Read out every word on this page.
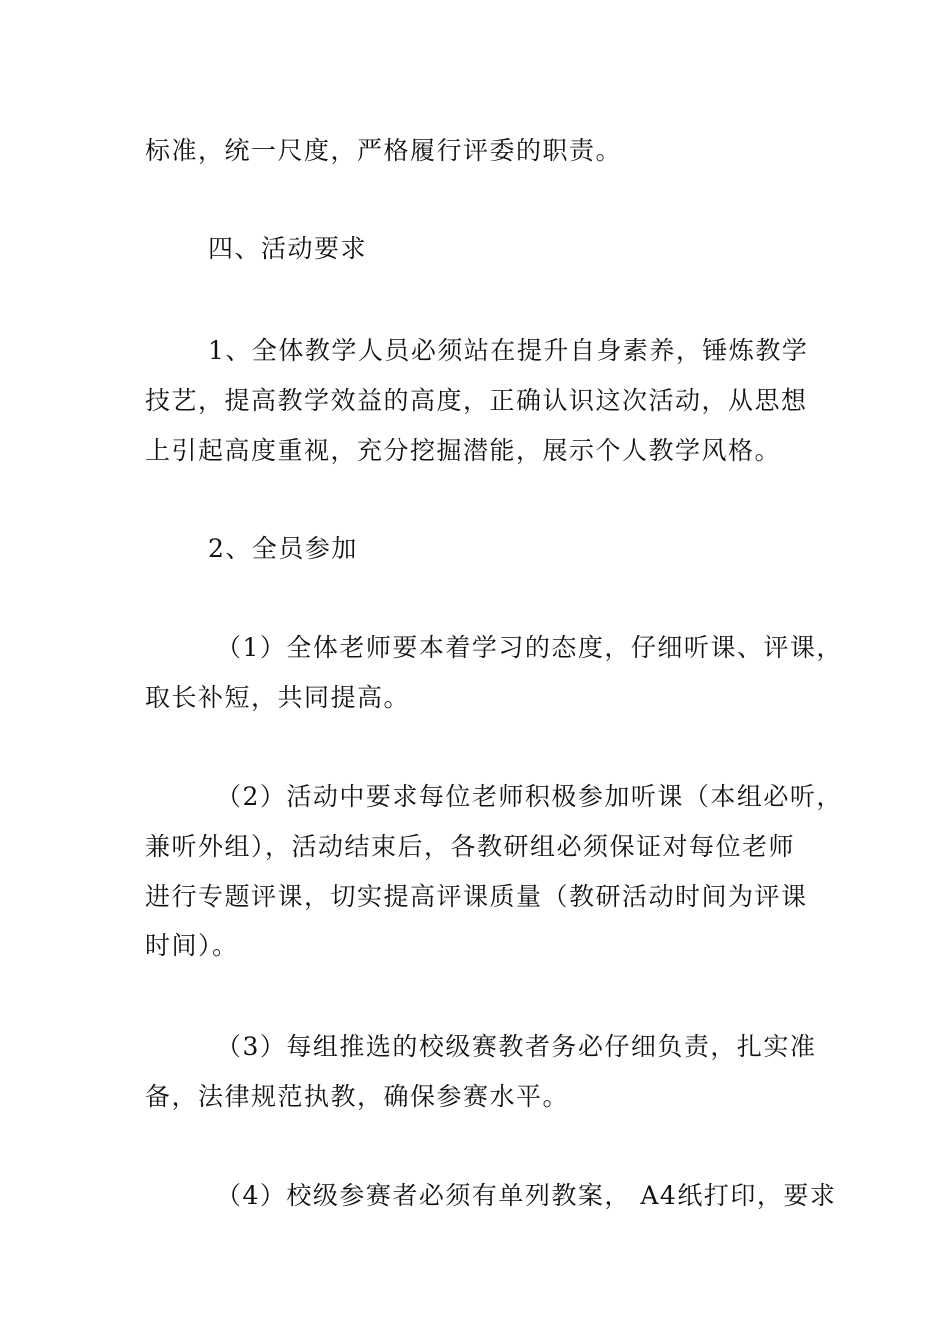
标准，统一尺度，严格履行评委的职责。
四、活动要求
1、全体教学人员必须站在提升自身素养，锤炼教学
技艺，提高教学效益的高度，正确认识这次活动，从思想
上引起高度重视，充分挖掘潜能，展示个人教学风格。
2、全员参加
（1）全体老师要本着学习的态度，仔细听课、评课，
取长补短，共同提高。
（2）活动中要求每位老师积极参加听课（本组必听，
兼听外组），活动结束后，各教研组必须保证对每位老师
进行专题评课，切实提高评课质量（教研活动时间为评课
时间）。
（3）每组推选的校级赛教者务必仔细负责，扎实准
备，法律规范执教，确保参赛水平。
（4）校级参赛者必须有单列教案， A4纸打印，要求
